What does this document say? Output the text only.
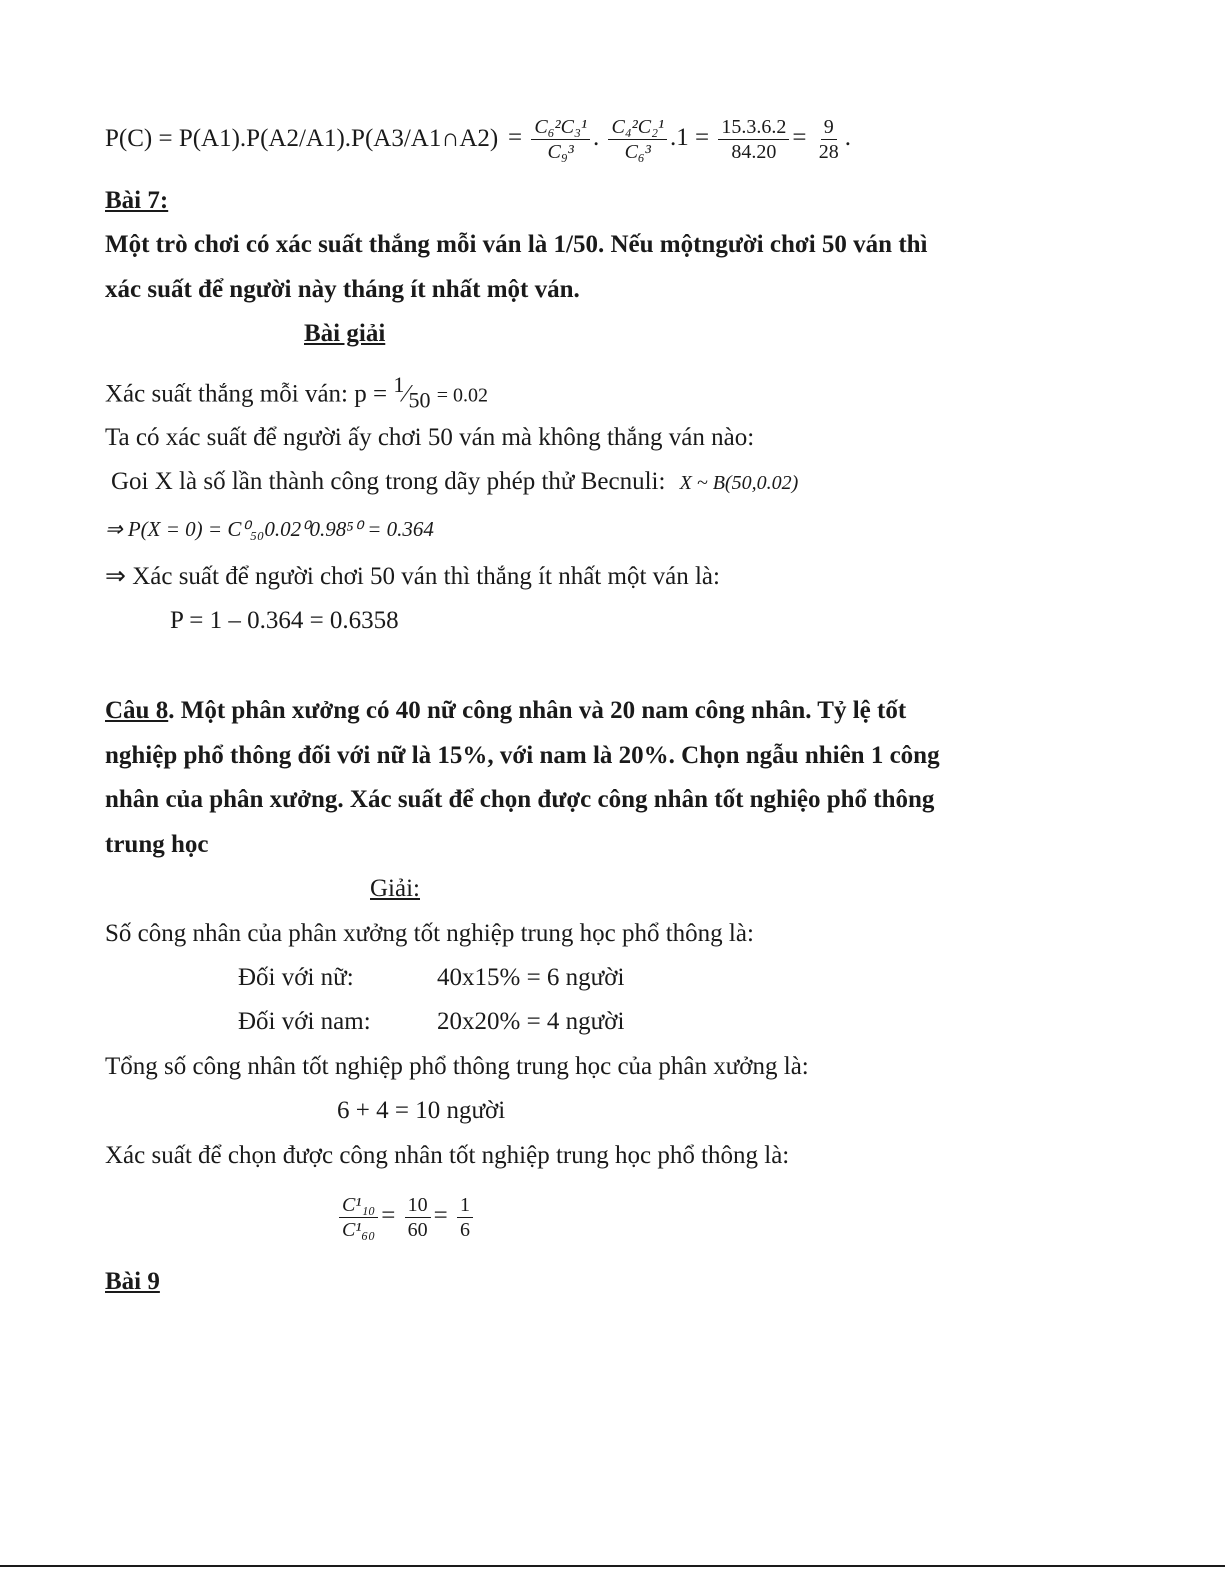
P(C) = P(A1).P(A2/A1).P(A3/A1∩A2) = $\frac{\text{C₆²C₃¹}}{\text{C₉³}}$ . $\frac{\text{C₄²C₂¹}}{\text{C₆³}} .1 = \frac{15.3.6.2}{84.20} = \frac{9}{28}$ .
Bài 7:
Một trò chơi có xác suất thắng mỗi ván là 1/50. Nếu mộtngười chơi 50 ván thì
xác suất để người này tháng ít nhất một ván.
Bài giải
Xác suất thắng mỗi ván: $p = ^1⁄_{50} = 0.02$
Ta có xác suất để người ấy chơi 50 ván mà không thắng ván nào:
Goi X là số lần thành công trong dãy phép thử Becnuli: X ~ B(50,0.02)
⇒ P(X = 0) = C⁰₅₀0.02⁰0.98⁵⁰ = 0.364
⇒ Xác suất để người chơi 50 ván thì thắng ít nhất một ván là:
P = 1 – 0.364 = 0.6358
Câu 8. Một phân xưởng có 40 nữ công nhân và 20 nam công nhân. Tỷ lệ tốt
nghiệp phổ thông đối với nữ là 15%, với nam là 20%. Chọn ngẫu nhiên 1 công
nhân của phân xưởng. Xác suất để chọn được công nhân tốt nghiệo phổ thông
trung học
Giải:
Số công nhân của phân xưởng tốt nghiệp trung học phổ thông là:
Đối với nữ:	40x15% = 6 người
Đối với nam:	20x20% = 4 người
Tổng số công nhân tốt nghiệp phổ thông trung học của phân xưởng là:
6 + 4 = 10 người
Xác suất để chọn được công nhân tốt nghiệp trung học phổ thông là:
$\frac{\text{C¹₁₀}}{\text{C¹₆₀}} = \frac{10}{60} = \frac{1}{6}$
Bài 9
